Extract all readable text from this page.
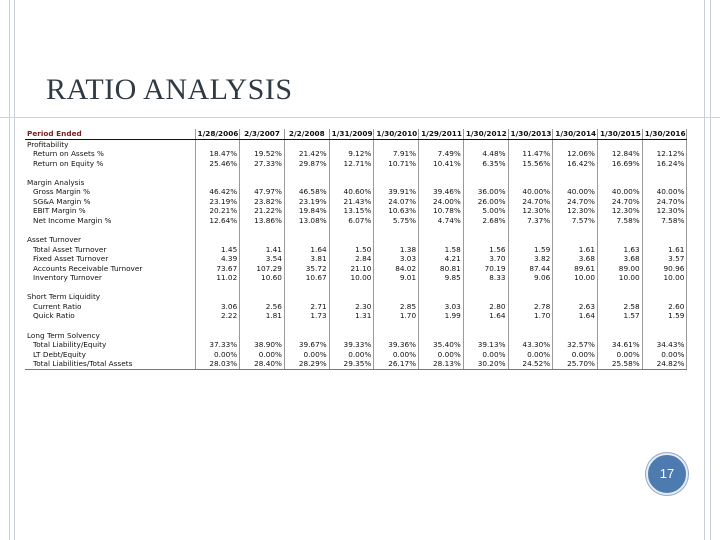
RATIO ANALYSIS
Period Ended	1/28/2006	2/3/2007	2/2/2008	1/31/2009	1/30/2010	1/29/2011	1/30/2012	1/30/2013	1/30/2014	1/30/2015	1/30/2016
Profitability											
Return on Assets %	18.47%	19.52%	21.42%	9.12%	7.91%	7.49%	4.48%	11.47%	12.06%	12.84%	12.12%
Return on Equity %	25.46%	27.33%	29.87%	12.71%	10.71%	10.41%	6.35%	15.56%	16.42%	16.69%	16.24%

Margin Analysis											
Gross Margin %	46.42%	47.97%	46.58%	40.60%	39.91%	39.46%	36.00%	40.00%	40.00%	40.00%	40.00%
SG&A Margin %	23.19%	23.82%	23.19%	21.43%	24.07%	24.00%	26.00%	24.70%	24.70%	24.70%	24.70%
EBIT Margin %	20.21%	21.22%	19.84%	13.15%	10.63%	10.78%	5.00%	12.30%	12.30%	12.30%	12.30%
Net Income Margin %	12.64%	13.86%	13.08%	6.07%	5.75%	4.74%	2.68%	7.37%	7.57%	7.58%	7.58%

Asset Turnover											
Total Asset Turnover	1.45	1.41	1.64	1.50	1.38	1.58	1.56	1.59	1.61	1.63	1.61
Fixed Asset Turnover	4.39	3.54	3.81	2.84	3.03	4.21	3.70	3.82	3.68	3.68	3.57
Accounts Receivable Turnover	73.67	107.29	35.72	21.10	84.02	80.81	70.19	87.44	89.61	89.00	90.96
Inventory Turnover	11.02	10.60	10.67	10.00	9.01	9.85	8.33	9.06	10.00	10.00	10.00

Short Term Liquidity											
Current Ratio	3.06	2.56	2.71	2.30	2.85	3.03	2.80	2.78	2.63	2.58	2.60
Quick Ratio	2.22	1.81	1.73	1.31	1.70	1.99	1.64	1.70	1.64	1.57	1.59

Long Term Solvency											
Total Liability/Equity	37.33%	38.90%	39.67%	39.33%	39.36%	35.40%	39.13%	43.30%	32.57%	34.61%	34.43%
LT Debt/Equity	0.00%	0.00%	0.00%	0.00%	0.00%	0.00%	0.00%	0.00%	0.00%	0.00%	0.00%
Total Liabilities/Total Assets	28.03%	28.40%	28.29%	29.35%	26.17%	28.13%	30.20%	24.52%	25.70%	25.58%	24.82%
17
